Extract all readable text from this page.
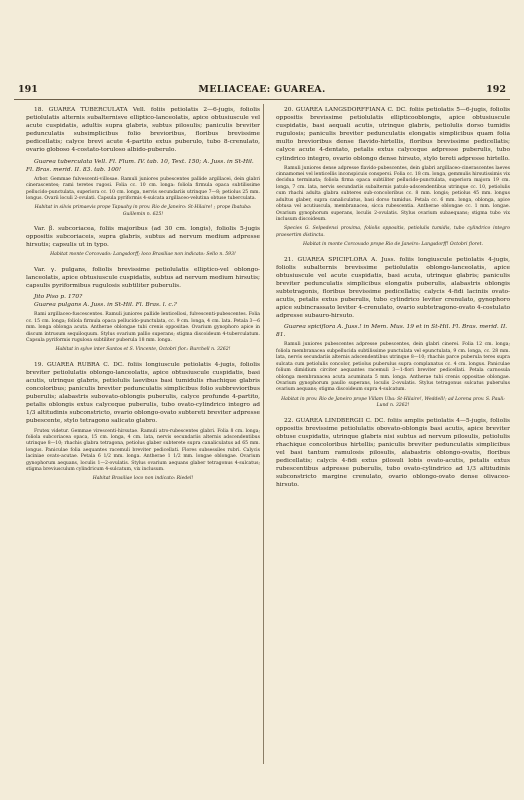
191	MELIACEAE: GUAREA.	192

18. GUAREA TUBERCULATA Vell. foliis petiolatis 2—6-jugis, foliolis petiolulatis alternis subalternisve elliptico-lanceolatis, apice obtusiuscule vel acute cuspidatis, adultis supra glabris, subtus pilosulis; paniculis breviter pedunculatis subsimplicibus folio brevioribus, floribus brevissime pedicellatis; calyce brevi acute 4-partito extus puberulo, tubo 8-crenulato, ovario globoso 4-costato-toruloso albido-puberulo.

Guarea tuberculata Vell. Fl. Flum. IV. tab. 10, Text. 150; A. Juss. in St-Hil. Fl. Bras. merid. II. 83. tab. 100!

Arbor. Gemmae fulvescenti-villosae. Ramuli juniores pubescentes pallide argillacei, dein glabri cinerascentes; rami teretes rugosi. Folia cc. 10 cm. longa: foliola firmula opaca subtilissime pellucido-punctulata, superiora cc. 10 cm. longa, nervis secundariis utrinque 7—8; petiolus 25 mm. longus. Ovarii loculi 2-ovulati. Capsula pyriformis 4-sulcata argillaceo-velutina obtuse tuberculata.

Habitat in silvis primaevis prope Tapuahy in prov. Rio de Janeiro: St-Hilaire! ; prope Ibatuba: Guillemin n. 625!

Var. β. subcoriacea, foliis majoribus (ad 30 cm. longis), foliolis 5-jugis oppositis subcoriaceis, supra glabris, subtus ad nervum medium adpresse hirsutis; capsulis ut in typo.

Habitat monte Corcovado: Langsdorff; loco Brasiliae non indicato: Sello n. 593!

Var. γ. pulgans, foliolis brevissime petiolulatis elliptico-vel oblongo-lanceolatis, apice obtusiuscule cuspidatis, subtus ad nervum medium hirsutis; capsulis pyriformibus rugulosis subtiliter puberulis.

Jito Piso p. 170?

Guarea pulgans A. Juss. in St-Hil. Fl. Bras. l. c.?

Rami argillaceo-fuscescentes. Ramuli juniores pallide lenticellosi, fulvescenti-pubescentes. Folia cc. 15 cm. longa; foliola firmula opaca pellucido-punctulata, cc. 9 cm. longa, 4 cm. lata. Petala 3—6 mm. longa oblonga acuta. Antherae oblongae tubi crenis oppositae. Ovarium gynophoro apice in discum intrusum sequiloquum. Stylus ovarium pallio superans; stigma discoideum 4-tuberculatum. Capsula pyriformis rugulosa subtiliter puberula 18 mm. longa.

Habitat in sylve inter Santos et S. Vincente, Octobri flor.: Burchell n. 3262!

19. GUAREA RUBRA C. DC. foliis longiuscule petiolatis 4-jugis, foliolis breviter petiolulatis oblongo-lanceolatis, apice obtusiuscule cuspidatis, basi acutis, utrinque glabris, petiolulis laevibus basi tumidulis rhachique glabris concoloribus; paniculis breviter pedunculatis simplicibus folio subbrevioribus puberulis; alabastris subovato-oblongis puberulis, calyce profunde 4-partito, petalis oblongis extus calyceque puberulis, tubo ovato-cylindrico integro ad 1/3 altitudinis subconstricto, ovario oblongo-ovato subtereti breviter adpresse pubescente, stylo tetragono salicato glabro.

Frutex videtur. Gemmae virescenti-hirsutae. Ramuli atro-rubescentes glabri. Folia 8 cm. longa; foliola subcoriacea opaca, 15 cm. longa, 4 cm. lata, nervis secundariis alternis adscendentibus utrinque 8—10; rhachis glabra tetragona, petiolus glaber subterete supra canaliculatus ad 65 mm. longus. Paniculae folia aequantes racemuli breviter pedicellati. Flores subsessiles rubri. Calycis laciniae ovato-acutae. Petala 6 1/2 mm. longa. Antherae 1 1/2 mm. longae oblongae. Ovarium gynophorum aequans, loculis 1—2-ovulatis. Stylus ovarium aequans glaber tetragonus 4-sulcatus; stigma breviusculum cylindricum 4-sulcatum, vix inclusum.

Habitat Brasiliae loco non indicato: Riedel!

20. GUAREA LANGSDORFFIANA C. DC. foliis petiolatis 5—6-jugis, foliolis oppositis brevissime petiolulatis ellipticooblongis, apice obtusiuscule cuspidatis, basi aequali acutis, utrinque glabris, petiolulis dorso tumidis rugulosis; paniculis breviter pedunculatis elongatis simplicibus quam folia multo brevioribus dense flavido-hirtellis, floribus brevissime pedicellatis; calyce acute 4-dentato, petalis extus calyceque adpresse puberulis, tubo cylindrico integro, ovario oblongo dense hirsuto, stylo tereti adpresse hirtello.

Ramuli juniores dense adpresse flavido-pubescentes, dein glabri argillaceo-cinerascentes laeves cinnamomei vel lenticellis inconspicuis conspersi. Folia cc. 18 cm. longa, gemmulis hirsutissimis vix decidua terminata; foliola firma opaca subtiliter pellucido-punctulata, superiora majora 19 cm. longa, 7 cm. lata, nervis secundariis subalternis patulo-adscendentibus utrinque cc. 10, petiolulis cum rhachi adulta glabra subteres sub-concoloribus cc. 8 mm. longis; petiolus 45 mm. longus adultus glaber, supra canaliculatus, basi dorso tumidus. Petala cc. 6 mm. longa, oblonga, apice obtusa vel acutiuscula, membranacea, sicca rubescentia. Antherae oblongae cc. 1 mm. longae. Ovarium gynophorum superans, loculis 2-ovulatis. Stylus ovarium subaequans; stigma tubo vix inclusum discoideum.

Species G. Selpedensi proxima, foliolis oppositis, petiolulis tumidis, tubo cylindrico integro praesertim distincta.

Habitat in monte Corcovado prope Rio de Janeiro: Langsdorff! Octobri floret.

21. GUAREA SPICIFLORA A. Juss. foliis longiuscule petiolatis 4-jugis, foliolis subalternis brevissime petiolulatis oblongo-lanceolatis, apice obtusiuscule vel acute cuspidatis, basi acuta, utrinque glabris; paniculis breviter pedunculatis simplicibus elongatis puberulis, alabastris oblongis subtetragonis, floribus brevissime pedicellatis; calycis 4-fidi laciniis ovato-acutis, petalis extus puberulis, tubo cylindrico leviter crenulato, gynophoro apice subincrassato leviter 4-crenulato, ovario subtetragono-ovato 4-costulato adpresse subauro-hirsuto.

Guarea spiciflora A. Juss.! in Mem. Mus. 19 et in St-Hil. Fl. Bras. merid. II. 81.

Ramuli juniores pubescentes adpresse pubescentes, dein glabri cinerei. Folia 12 cm. longa; foliola membranacea subpellucida subtilissime punctulata vel epunctulata, 9 cm. longa, cc. 28 mm. lata, nervis secundariis alternis adscendentibus utrinque 8—10; rhachis parce puberula teres supra sulcata cum petiolulis concolor, petiolus puberulus supra complanatus cc. 4 cm. longus. Paniculae folium dimidium circiter aequantes racemuli 3—1-flori breviter pedicellati. Petala carnosula oblonga membranacea acuta acuminata 5 mm. longa. Antherae tubi crenis oppositae oblongae. Ovarium gynophorum paullo superans, loculis 2-ovulatis. Stylus tetragonus sulcatus puberulus ovarium aequans; stigma discoideum supra 4-sulcatum.

Habitat in prov. Rio de Janeiro prope Villam Uba: St-Hilaire!, Weddell!; ad Lorena prov. S. Pauli: Lund n. 3262!

22. GUAREA LINDBERGII C. DC. foliis amplis petiolatis 4—5-jugis, foliolis oppositis brevissime petiolulatis obovato-oblongis basi acutis, apice breviter obtuse cuspidatis, utrinque glabris nisi subtus ad nervum pilosulis, petiolulis rhachique concoloribus hirtellis; paniculis breviter pedunculatis simplicibus vel basi tantum ramulosis pilosulis, alabastris oblongo-ovatis, floribus pedicellatis; calycis 4-fidi extus pilosuli lobis ovato-acutis, petalis extus rubescentibus adpresse puberulis, tubo ovato-cylindrico ad 1/3 altitudinis subconstricto margine crenulato, ovario oblongo-ovato dense olivaceo-hirsuto.
